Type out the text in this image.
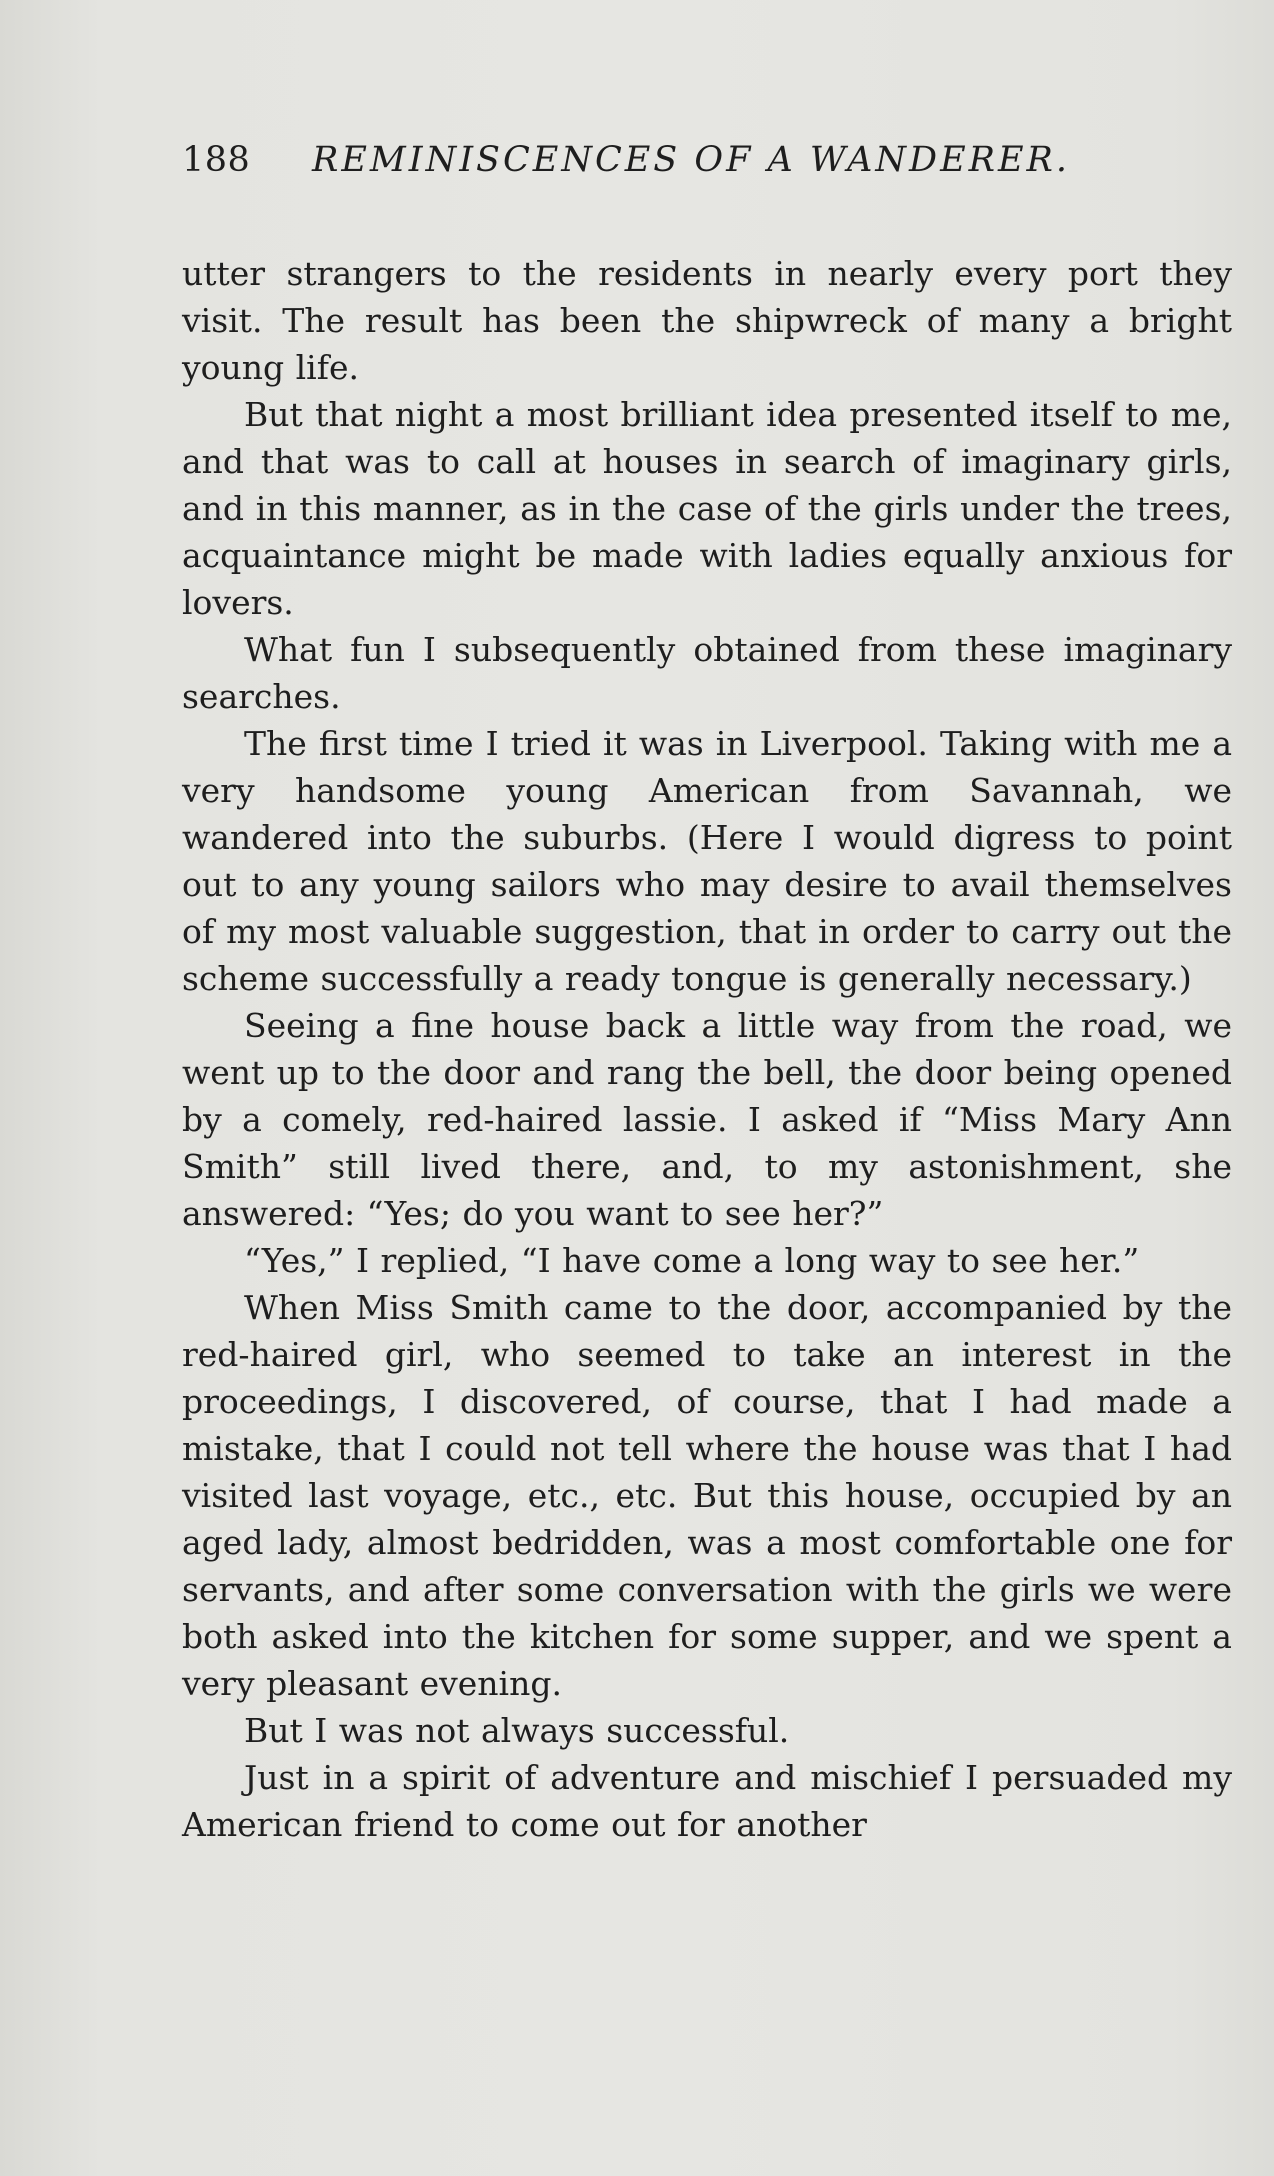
188	REMINISCENCES OF A WANDERER.

utter strangers to the residents in nearly every port they visit. The result has been the shipwreck of many a bright young life.

But that night a most brilliant idea presented itself to me, and that was to call at houses in search of imaginary girls, and in this manner, as in the case of the girls under the trees, acquaintance might be made with ladies equally anxious for lovers.

What fun I subsequently obtained from these imaginary searches.

The first time I tried it was in Liverpool. Taking with me a very handsome young American from Savannah, we wandered into the suburbs. (Here I would digress to point out to any young sailors who may desire to avail themselves of my most valuable suggestion, that in order to carry out the scheme successfully a ready tongue is generally necessary.)

Seeing a fine house back a little way from the road, we went up to the door and rang the bell, the door being opened by a comely, red-haired lassie. I asked if “Miss Mary Ann Smith” still lived there, and, to my astonishment, she answered: “Yes; do you want to see her?”

“Yes,” I replied, “I have come a long way to see her.”

When Miss Smith came to the door, accompanied by the red-haired girl, who seemed to take an interest in the proceedings, I discovered, of course, that I had made a mistake, that I could not tell where the house was that I had visited last voyage, etc., etc. But this house, occupied by an aged lady, almost bedridden, was a most comfortable one for servants, and after some conversation with the girls we were both asked into the kitchen for some supper, and we spent a very pleasant evening.

But I was not always successful.

Just in a spirit of adventure and mischief I persuaded my American friend to come out for another
